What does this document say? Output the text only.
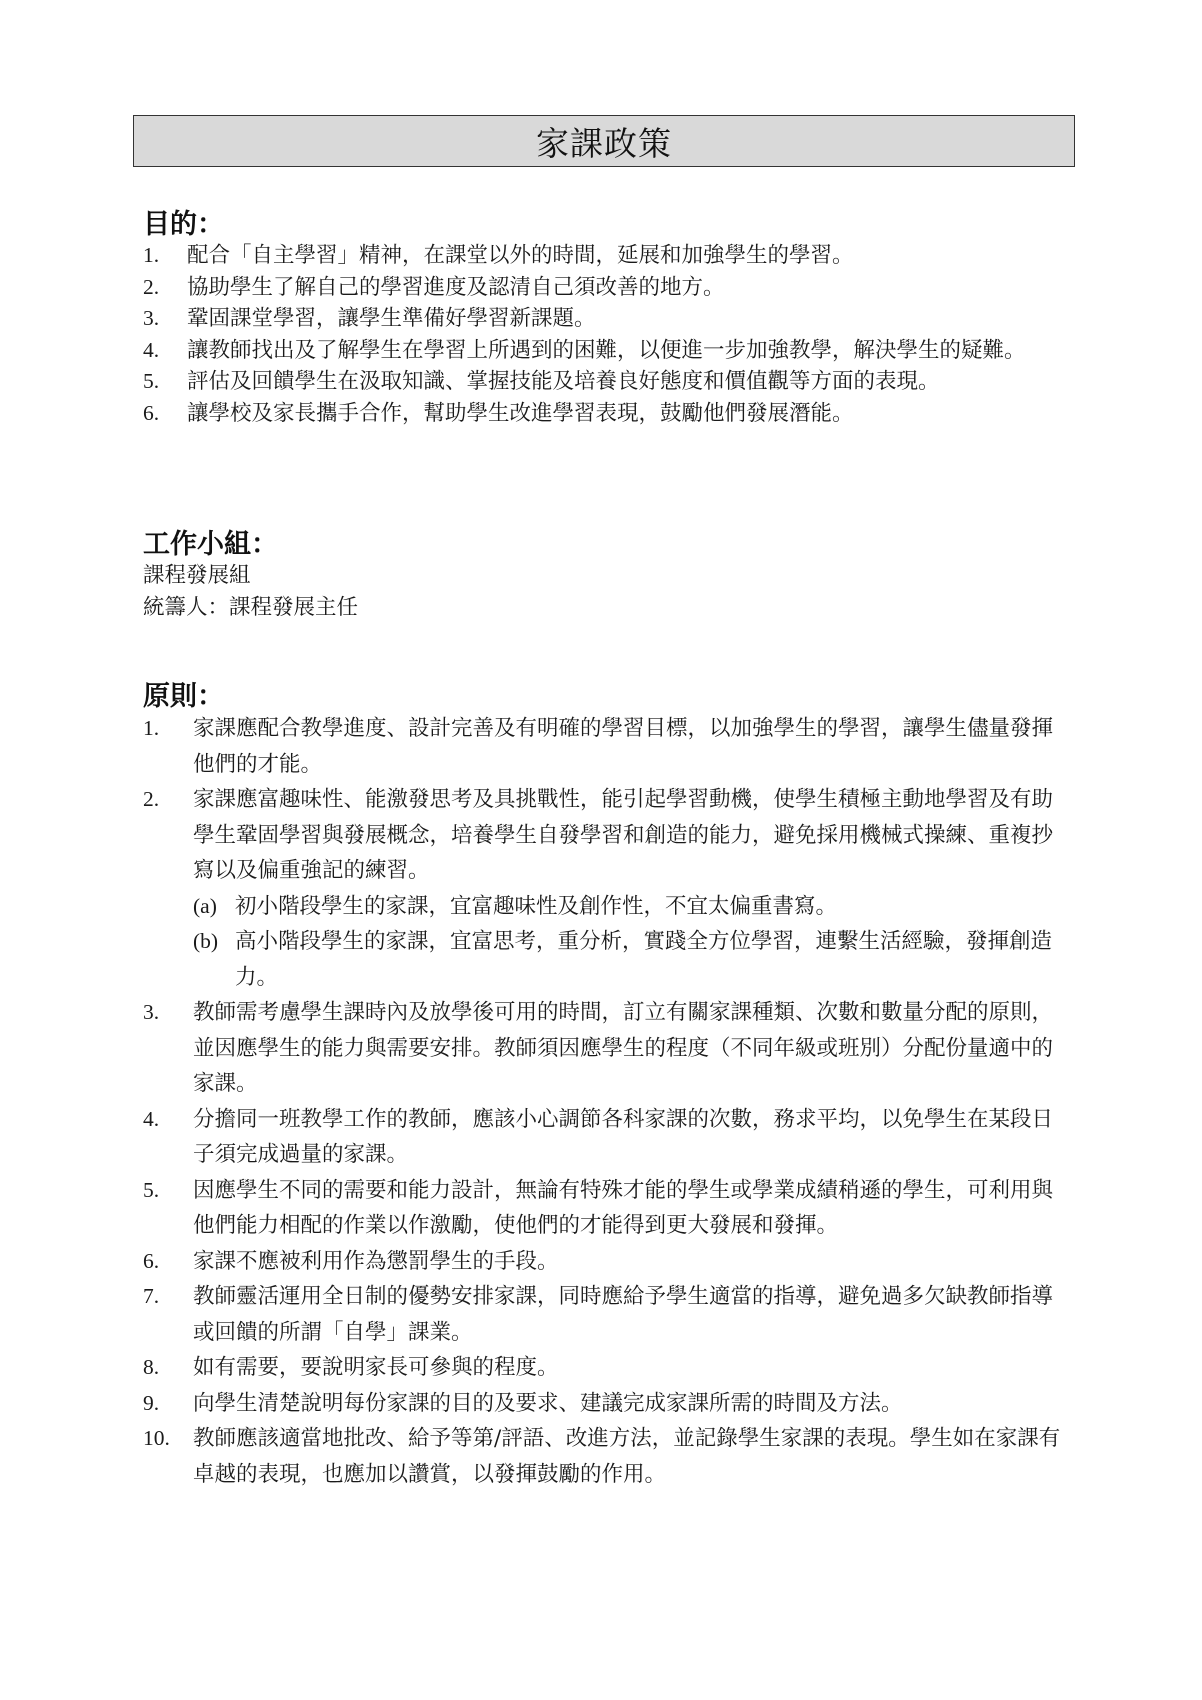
家課政策
目的：
1.	配合「自主學習」精神，在課堂以外的時間，延展和加強學生的學習。
2.	協助學生了解自己的學習進度及認清自己須改善的地方。
3.	鞏固課堂學習，讓學生準備好學習新課題。
4.	讓教師找出及了解學生在學習上所遇到的困難，以便進一步加強教學，解決學生的疑難。
5.	評估及回饋學生在汲取知識、掌握技能及培養良好態度和價值觀等方面的表現。
6.	讓學校及家長攜手合作，幫助學生改進學習表現，鼓勵他們發展潛能。
工作小組：
課程發展組
統籌人：課程發展主任
原則：
1.	家課應配合教學進度、設計完善及有明確的學習目標，以加強學生的學習，讓學生儘量發揮他們的才能。
2.	家課應富趣味性、能激發思考及具挑戰性，能引起學習動機，使學生積極主動地學習及有助學生鞏固學習與發展概念，培養學生自發學習和創造的能力，避免採用機械式操練、重複抄寫以及偏重強記的練習。
(a) 初小階段學生的家課，宜富趣味性及創作性，不宜太偏重書寫。
(b) 高小階段學生的家課，宜富思考，重分析，實踐全方位學習，連繫生活經驗，發揮創造力。
3.	教師需考慮學生課時內及放學後可用的時間，訂立有關家課種類、次數和數量分配的原則，並因應學生的能力與需要安排。教師須因應學生的程度（不同年級或班別）分配份量適中的家課。
4.	分擔同一班教學工作的教師，應該小心調節各科家課的次數，務求平均，以免學生在某段日子須完成過量的家課。
5.	因應學生不同的需要和能力設計，無論有特殊才能的學生或學業成績稍遜的學生，可利用與他們能力相配的作業以作激勵，使他們的才能得到更大發展和發揮。
6.	家課不應被利用作為懲罰學生的手段。
7.	教師靈活運用全日制的優勢安排家課，同時應給予學生適當的指導，避免過多欠缺教師指導或回饋的所謂「自學」課業。
8.	如有需要，要說明家長可參與的程度。
9.	向學生清楚說明每份家課的目的及要求、建議完成家課所需的時間及方法。
10.	教師應該適當地批改、給予等第/評語、改進方法，並記錄學生家課的表現。學生如在家課有卓越的表現，也應加以讚賞，以發揮鼓勵的作用。
